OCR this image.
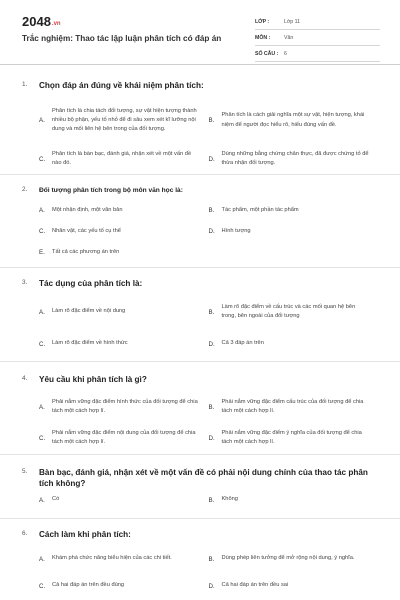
2048.vn
Trắc nghiệm: Thao tác lập luận phân tích có đáp án
LỚP :	Lớp 11
MÔN :	Văn
SỐ CÂU :	6
1.	Chọn đáp án đúng về khái niệm phân tích:
A.
Phân tích là chia tách đối tượng, sự vật hiện tượng thành nhiều bộ phận, yếu tố nhỏ để đi sâu xem xét kĩ lưỡng nội dung và mối liên hệ bên trong của đối tượng.
B.
Phân tích là cách giải nghĩa một sự vật, hiện tượng, khái niệm để người đọc hiểu rõ, hiểu đúng vấn đề.
C.
Phân tích là bàn bạc, đánh giá, nhận xét về một vấn đề nào đó.
D.
Dùng những bằng chứng chân thực, đã được chứng tỏ để thừa nhận đối tượng.
2.	Đối tượng phân tích trong bộ môn văn học là:
A.	Một nhận định, một văn bản	B.	Tác phẩm, một phần tác phẩm
C.	Nhân vật, các yếu tố cụ thể	D.	Hình tượng
E.	Tất cả các phương án trên
3.	Tác dụng của phân tích là:
A.	Làm rõ đặc điểm về nội dung	B.
Làm rõ đặc điểm về cấu trúc và các mối quan hệ bên trong, bên ngoài của đối tượng
C.	Làm rõ đặc điểm về hình thức	D.	Cả 3 đáp án trên
4.	Yêu cầu khi phân tích là gì?
A.
Phải nắm vững đặc điểm hình thức của đối tượng để chia tách một cách hợp lí.
B.
Phải nắm vững đặc điểm cấu trúc của đối tượng để chia tách một cách hợp lí.
C.
Phải nắm vững đặc điểm nội dung của đối tượng để chia tách một cách hợp lí.
D.
Phải nắm vững đặc điểm ý nghĩa của đối tượng để chia tách một cách hợp lí.
5.	Bàn bạc, đánh giá, nhận xét về một vấn đề có phải nội dung chính của thao tác phân tích không?
A.	Có	B.	Không
6.	Cách làm khi phân tích:
A.	Khám phá chức năng biểu hiện của các chi tiết.	B.	Dùng phép liên tưởng để mở rộng nội dung, ý nghĩa.
C.	Cả hai đáp án trên đều đúng	D.	Cả hai đáp án trên đều sai
